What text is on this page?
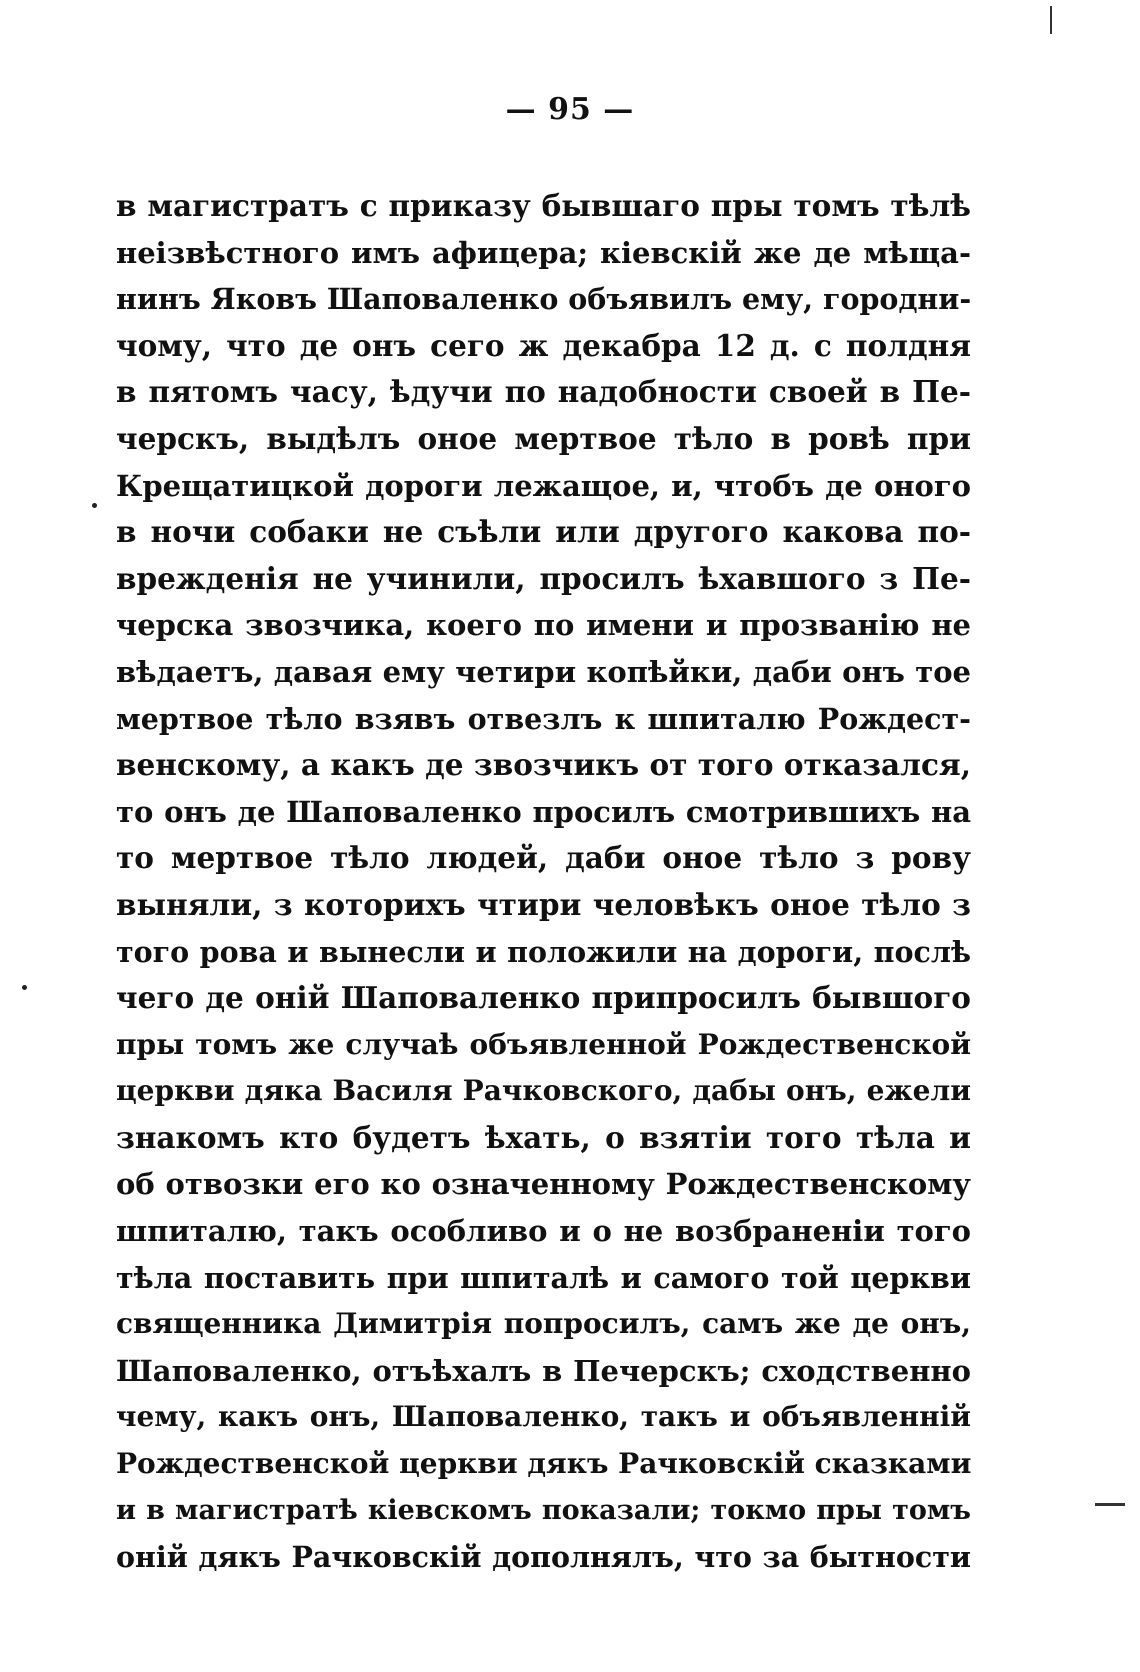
— 95 —
в магистратъ с приказу бывшаго пры томъ тѣлѣ
неізвѣстного имъ афицера; кіевскій же де мѣща-
нинъ Яковъ Шаповаленко объявилъ ему, городни-
чому, что де онъ сего ж декабра 12 д. с полдня
в пятомъ часу, ѣдучи по надобности своей в Пе-
черскъ, выдѣлъ оное мертвое тѣло в ровѣ при
Крещатицкой дороги лежащое, и, чтобъ де оного
в ночи собаки не съѣли или другого какова по-
врежденія не учинили, просилъ ѣхавшого з Пе-
черска звозчика, коего по имени и прозванію не
вѣдаетъ, давая ему четири копѣйки, даби онъ тое
мертвое тѣло взявъ отвезлъ к шпиталю Рождест-
венскому, а какъ де звозчикъ от того отказался,
то онъ де Шаповаленко просилъ смотрившихъ на
то мертвое тѣло людей, даби оное тѣло з рову
выняли, з которихъ чтири человѣкъ оное тѣло з
того рова и вынесли и положили на дороги, послѣ
чего де оній Шаповаленко припросилъ бывшого
пры томъ же случаѣ объявленной Рождественской
церкви дяка Василя Рачковского, дабы онъ, ежели
знакомъ кто будетъ ѣхать, о взятіи того тѣла и
об отвозки его ко означенному Рождественскому
шпиталю, такъ особливо и о не возбраненіи того
тѣла поставить при шпиталѣ и самого той церкви
священника Димитрія попросилъ, самъ же де онъ,
Шаповаленко, отъѣхалъ в Печерскъ; сходственно
чему, какъ онъ, Шаповаленко, такъ и объявленній
Рождественской церкви дякъ Рачковскій сказками
и в магистратѣ кіевскомъ показали; токмо пры томъ
оній дякъ Рачковскій дополнялъ, что за бытности
